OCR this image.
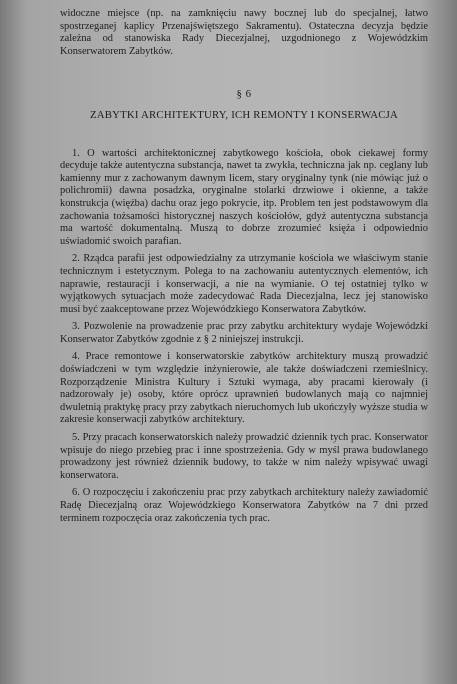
widoczne miejsce (np. na zamknięciu nawy bocznej lub do specjalnej, łatwo spostrzeganej kaplicy Przenajświętszego Sakramentu). Ostateczna decyzja będzie zależna od stanowiska Rady Diecezjalnej, uzgodnionego z Wojewódzkim Konserwatorem Zabytków.

§ 6
ZABYTKI ARCHITEKTURY, ICH REMONTY I KONSERWACJA

1. O wartości architektonicznej zabytkowego kościoła, obok ciekawej formy decyduje także autentyczna substancja, nawet ta zwykła, techniczna jak np. ceglany lub kamienny mur z zachowanym dawnym licem, stary oryginalny tynk (nie mówiąc już o polichromii) dawna posadzka, oryginalne stolarki drzwiowe i okienne, a także konstrukcja (więźba) dachu oraz jego pokrycie, itp. Problem ten jest podstawowym dla zachowania tożsamości historycznej naszych kościołów, gdyż autentyczna substancja ma wartość dokumentalną. Muszą to dobrze zrozumieć księża i odpowiednio uświadomić swoich parafian.

2. Rządca parafii jest odpowiedzialny za utrzymanie kościoła we właściwym stanie technicznym i estetycznym. Polega to na zachowaniu autentycznych elementów, ich naprawie, restauracji i konserwacji, a nie na wymianie. O tej ostatniej tylko w wyjątkowych sytuacjach może zadecydować Rada Diecezjalna, lecz jej stanowisko musi być zaakceptowane przez Wojewódzkiego Konserwatora Zabytków.

3. Pozwolenie na prowadzenie prac przy zabytku architektury wydaje Wojewódzki Konserwator Zabytków zgodnie z § 2 niniejszej instrukcji.

4. Prace remontowe i konserwatorskie zabytków architektury muszą prowadzić doświadczeni w tym względzie inżynierowie, ale także doświadczeni rzemieślnicy. Rozporządzenie Ministra Kultury i Sztuki wymaga, aby pracami kierowały (i nadzorowały je) osoby, które oprócz uprawnień budowlanych mają co najmniej dwuletnią praktykę pracy przy zabytkach nieruchomych lub ukończyły wyższe studia w zakresie konserwacji zabytków architektury.

5. Przy pracach konserwatorskich należy prowadzić dziennik tych prac. Konserwator wpisuje do niego przebieg prac i inne spostrzeżenia. Gdy w myśl prawa budowlanego prowadzony jest również dziennik budowy, to także w nim należy wpisywać uwagi konserwatora.

6. O rozpoczęciu i zakończeniu prac przy zabytkach architektury należy zawiadomić Radę Diecezjalną oraz Wojewódzkiego Konserwatora Zabytków na 7 dni przed terminem rozpoczęcia oraz zakończenia tych prac.
